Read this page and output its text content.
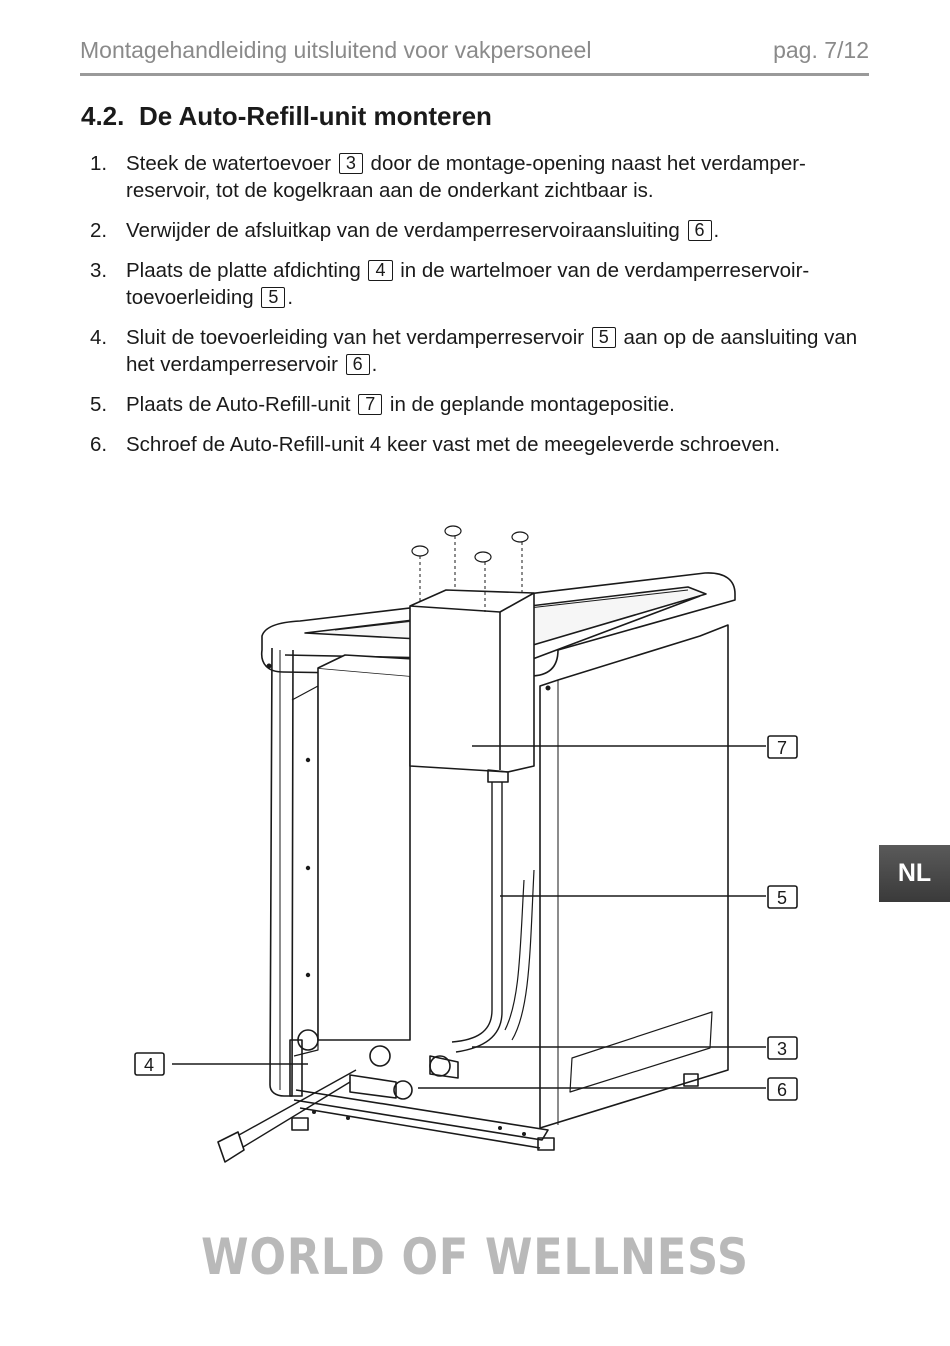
Montagehandleiding uitsluitend voor vakpersoneel	pag. 7/12
4.2. De Auto-Refill-unit monteren
1. Steek de watertoevoer 3 door de montage-opening naast het verdamper-reservoir, tot de kogelkraan aan de onderkant zichtbaar is.
2. Verwijder de afsluitkap van de verdamperreservoiraansluiting 6 .
3. Plaats de platte afdichting 4 in de wartelmoer van de verdamperreservoir-toevoerleiding 5 .
4. Sluit de toevoerleiding van het verdamperreservoir 5 aan op de aansluiting van het verdamperreservoir 6 .
5. Plaats de Auto-Refill-unit 7 in de geplande montagepositie.
6. Schroef de Auto-Refill-unit 4 keer vast met de meegeleverde schroeven.
7
5
3
6
4
NL
WORLD OF WELLNESS
